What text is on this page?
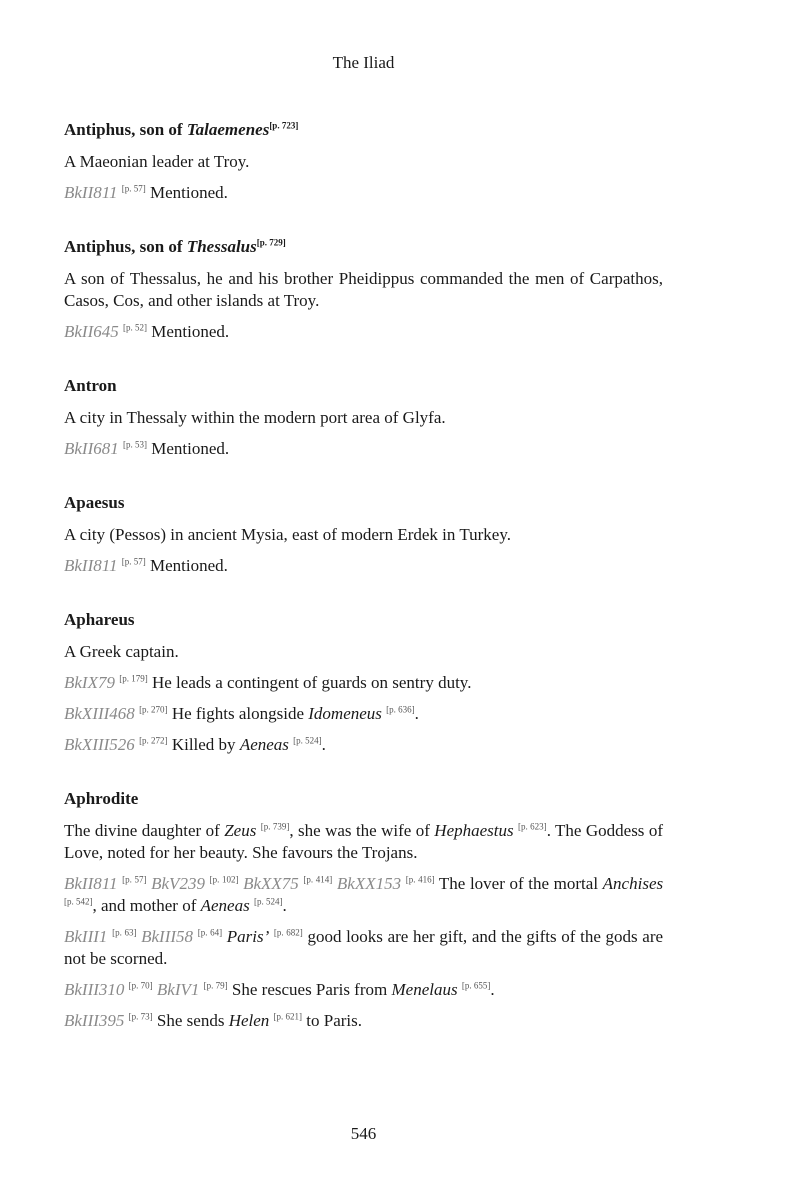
The Iliad
Antiphus, son of Talaemenes[p. 723]
A Maeonian leader at Troy.
BkII811 [p. 57] Mentioned.
Antiphus, son of Thessalus[p. 729]
A son of Thessalus, he and his brother Pheidippus commanded the men of Carpathos, Casos, Cos, and other islands at Troy.
BkII645 [p. 52] Mentioned.
Antron
A city in Thessaly within the modern port area of Glyfa.
BkII681 [p. 53] Mentioned.
Apaesus
A city (Pessos) in ancient Mysia, east of modern Erdek in Turkey.
BkII811 [p. 57] Mentioned.
Aphareus
A Greek captain.
BkIX79 [p. 179] He leads a contingent of guards on sentry duty.
BkXIII468 [p. 270] He fights alongside Idomeneus [p. 636].
BkXIII526 [p. 272] Killed by Aeneas [p. 524].
Aphrodite
The divine daughter of Zeus [p. 739], she was the wife of Hephaestus [p. 623]. The Goddess of Love, noted for her beauty. She favours the Trojans.
BkII811 [p. 57] BkV239 [p. 102] BkXX75 [p. 414] BkXX153 [p. 416] The lover of the mortal Anchises [p. 542], and mother of Aeneas [p. 524].
BkIII1 [p. 63] BkIII58 [p. 64] Paris’ [p. 682] good looks are her gift, and the gifts of the gods are not be scorned.
BkIII310 [p. 70] BkIV1 [p. 79] She rescues Paris from Menelaus [p. 655].
BkIII395 [p. 73] She sends Helen [p. 621] to Paris.
546
